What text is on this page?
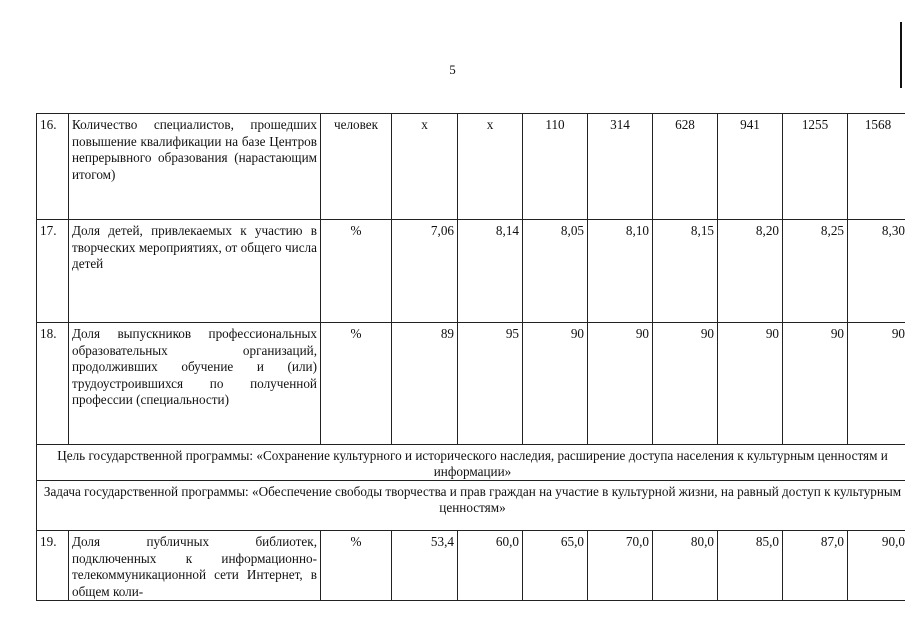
5
16.	Количество специалистов, прошедших повышение квалификации на базе Центров непрерывного образования (нарастающим итогом)	человек	x	x	110	314	628	941	1255	1568
17.	Доля детей, привлекаемых к участию в творческих мероприятиях, от общего числа детей	%	7,06	8,14	8,05	8,10	8,15	8,20	8,25	8,30
18.	Доля выпускников профессиональных образовательных организаций, продолживших обучение и (или) трудоустроившихся по полученной профессии (специальности)	%	89	95	90	90	90	90	90	90
Цель государственной программы: «Сохранение культурного и исторического наследия, расширение доступа населения к культурным ценностям и информации»										
Задача государственной программы: «Обеспечение свободы творчества и прав граждан на участие в культурной жизни, на равный доступ к культурным ценностям»										
19.	Доля публичных библиотек, подключенных к информационно-телекоммуникационной сети Интернет, в общем коли-	%	53,4	60,0	65,0	70,0	80,0	85,0	87,0	90,0
